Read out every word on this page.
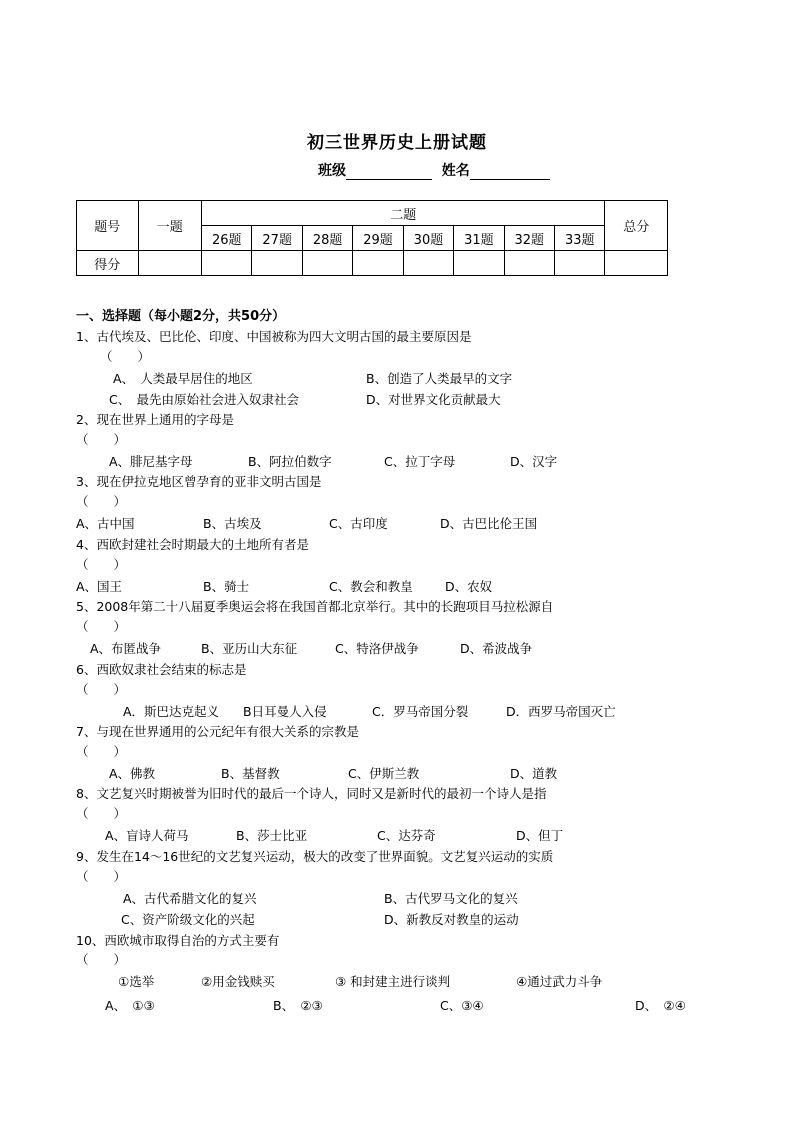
初三世界历史上册试题
班级	姓名
题号	一题	二题								总分
		26题	27题	28题	29题	30题	31题	32题	33题	
得分										
一、选择题（每小题2分，共50分）
1、古代埃及、巴比伦、印度、中国被称为四大文明古国的最主要原因是
（　　）
A、　人类最早居住的地区	B、创造了人类最早的文字
C、　最先由原始社会进入奴隶社会	D、对世界文化贡献最大
2、现在世界上通用的字母是
（　　）
A、腓尼基字母	B、阿拉伯数字	C、拉丁字母	D、汉字
3、现在伊拉克地区曾孕育的亚非文明古国是
（　　）
A、古中国	B、古埃及	C、古印度	D、古巴比伦王国
4、西欧封建社会时期最大的土地所有者是
（　　）
A、国王	B、骑士	C、教会和教皇	D、农奴
5、2008年第二十八届夏季奥运会将在我国首都北京举行。其中的长跑项目马拉松源自
（　　）
A、布匿战争	B、亚历山大东征	C、特洛伊战争	D、希波战争
6、西欧奴隶社会结束的标志是
（　　）
A．斯巴达克起义 B日耳曼人入侵	C．罗马帝国分裂	D．西罗马帝国灭亡
7、与现在世界通用的公元纪年有很大关系的宗教是
（　　）
A、佛教	B、基督教	C、伊斯兰教	D、道教
8、文艺复兴时期被誉为旧时代的最后一个诗人，同时又是新时代的最初一个诗人是指
（　　）
A、盲诗人荷马	B、莎士比亚	C、达芬奇	D、但丁
9、发生在14～16世纪的文艺复兴运动，极大的改变了世界面貌。文艺复兴运动的实质
（　　）
A、古代希腊文化的复兴	B、古代罗马文化的复兴
C、资产阶级文化的兴起	D、新教反对教皇的运动
10、西欧城市取得自治的方式主要有
（　　）
①选举	②用金钱赎买	③ 和封建主进行谈判	④通过武力斗争
A、　①③	B、　②③	C、③④	D、　②④
